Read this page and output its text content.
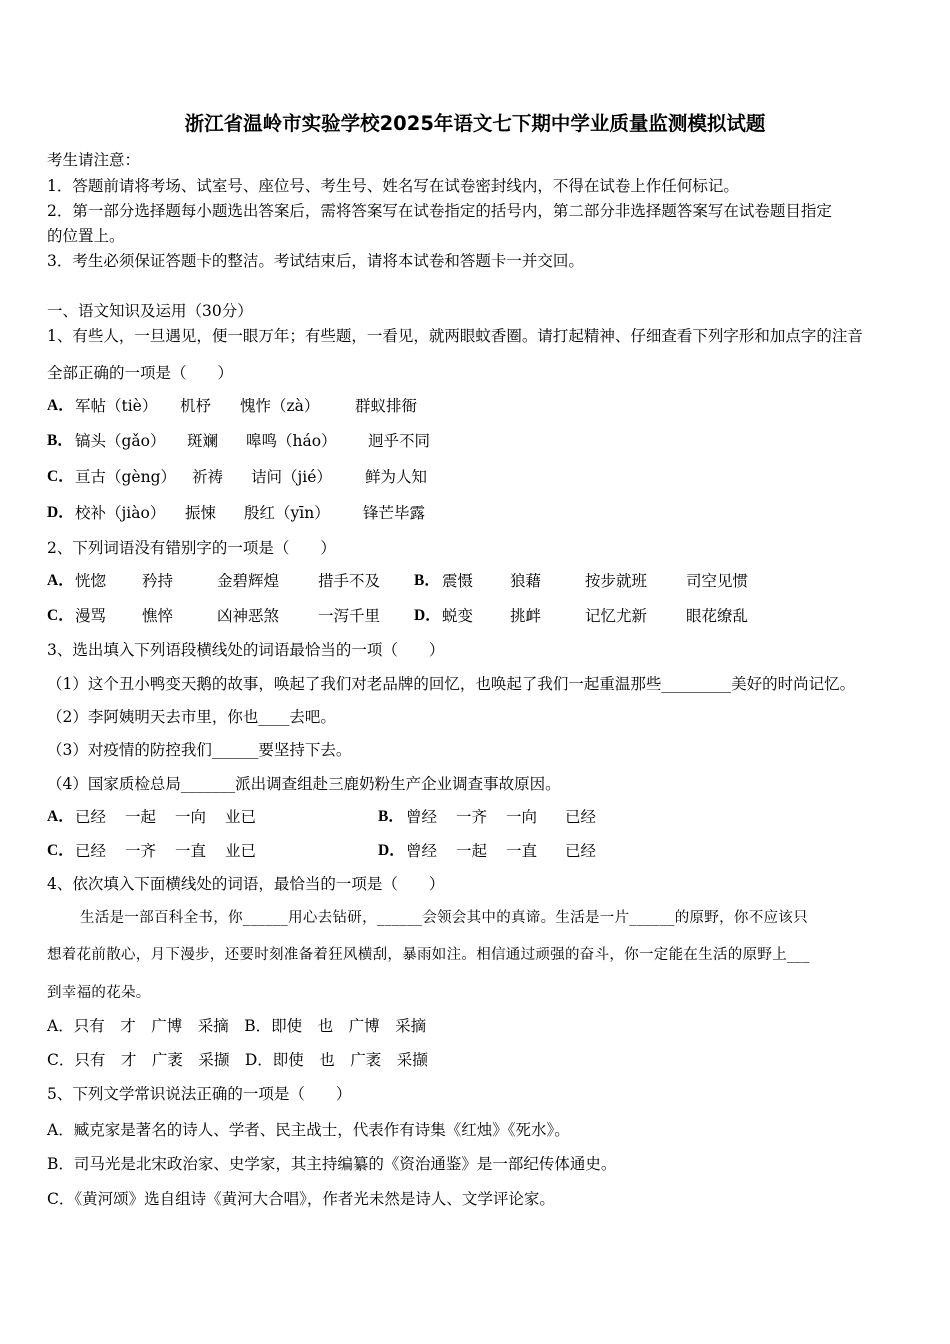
浙江省温岭市实验学校2025年语文七下期中学业质量监测模拟试题
考生请注意：
1．答题前请将考场、试室号、座位号、考生号、姓名写在试卷密封线内，不得在试卷上作任何标记。
2．第一部分选择题每小题选出答案后，需将答案写在试卷指定的括号内，第二部分非选择题答案写在试卷题目指定
的位置上。
3．考生必须保证答题卡的整洁。考试结束后，请将本试卷和答题卡一并交回。
一、语文知识及运用（30分）
1、有些人，一旦遇见，便一眼万年；有些题，一看见，就两眼蚊香圈。请打起精神、仔细查看下列字形和加点字的注音
全部正确的一项是（　　）
A． 军帖（tiè） 机杼 愧怍（zà） 群蚁排衙
B． 镐头（gǎo） 斑斓 嗥鸣（háo） 迥乎不同
C． 亘古（gèng） 祈祷 诘问（jié） 鲜为人知
D． 校补（jiào） 振悚 殷红（yīn） 锋芒毕露
2、下列词语没有错别字的一项是（　　）
A． 恍惚 矜持	金碧辉煌	措手不及 B． 震慑 狼藉	按步就班	司空见惯
C． 漫骂 憔悴	凶神恶煞	一泻千里 D． 蜕变 挑衅	记忆尤新	眼花缭乱
3、选出填入下列语段横线处的词语最恰当的一项（　　）
（1）这个丑小鸭变天鹅的故事，唤起了我们对老品牌的回忆，也唤起了我们一起重温那些_________美好的时尚记忆。
（2）李阿姨明天去市里，你也____去吧。
（3）对疫情的防控我们______要坚持下去。
（4）国家质检总局_______派出调查组赴三鹿奶粉生产企业调查事故原因。
A． 已经 一起 一向 业已	B． 曾经 一齐 一向 已经
C． 已经 一齐 一直 业已	D． 曾经 一起 一直 已经
4、依次填入下面横线处的词语，最恰当的一项是（　　）
生活是一部百科全书，你______用心去钻研，______会领会其中的真谛。生活是一片______的原野，你不应该只
想着花前散心，月下漫步，还要时刻准备着狂风横刮，暴雨如注。相信通过顽强的奋斗，你一定能在生活的原野上___
到幸福的花朵。
A．只有　才　广博　采摘　B．即使　也　广博　采摘
C．只有　才　广袤　采撷　D．即使　也　广袤　采撷
5、下列文学常识说法正确的一项是（　　）
A．臧克家是著名的诗人、学者、民主战士，代表作有诗集《红烛》《死水》。
B．司马光是北宋政治家、史学家，其主持编纂的《资治通鉴》是一部纪传体通史。
C．《黄河颂》选自组诗《黄河大合唱》，作者光未然是诗人、文学评论家。
